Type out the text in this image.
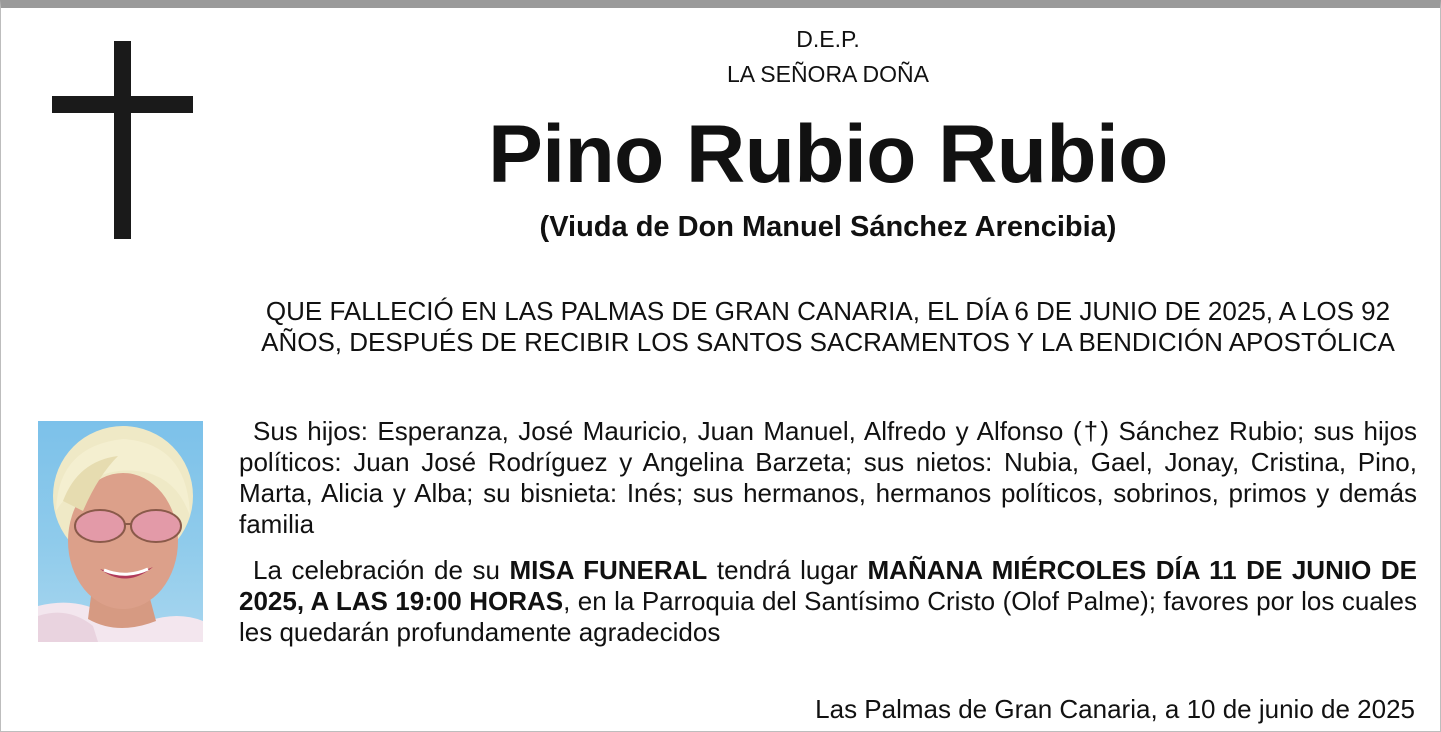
D.E.P.
LA SEÑORA DOÑA
Pino Rubio Rubio
(Viuda de Don Manuel Sánchez Arencibia)
QUE FALLECIÓ EN LAS PALMAS DE GRAN CANARIA, EL DÍA 6 DE JUNIO DE 2025, A LOS 92 AÑOS, DESPUÉS DE RECIBIR LOS SANTOS SACRAMENTOS Y LA BENDICIÓN APOSTÓLICA

Sus hijos: Esperanza, José Mauricio, Juan Manuel, Alfredo y Alfonso (†) Sánchez Rubio; sus hijos políticos: Juan José Rodríguez y Angelina Barzeta; sus nietos: Nubia, Gael, Jonay, Cristina, Pino, Marta, Alicia y Alba; su bisnieta: Inés; sus hermanos, hermanos políticos, sobrinos, primos y demás familia

La celebración de su MISA FUNERAL tendrá lugar MAÑANA MIÉRCOLES DÍA 11 DE JUNIO DE 2025, A LAS 19:00 HORAS, en la Parroquia del Santísimo Cristo (Olof Palme); favores por los cuales les quedarán profundamente agradecidos

Las Palmas de Gran Canaria, a 10 de junio de 2025
